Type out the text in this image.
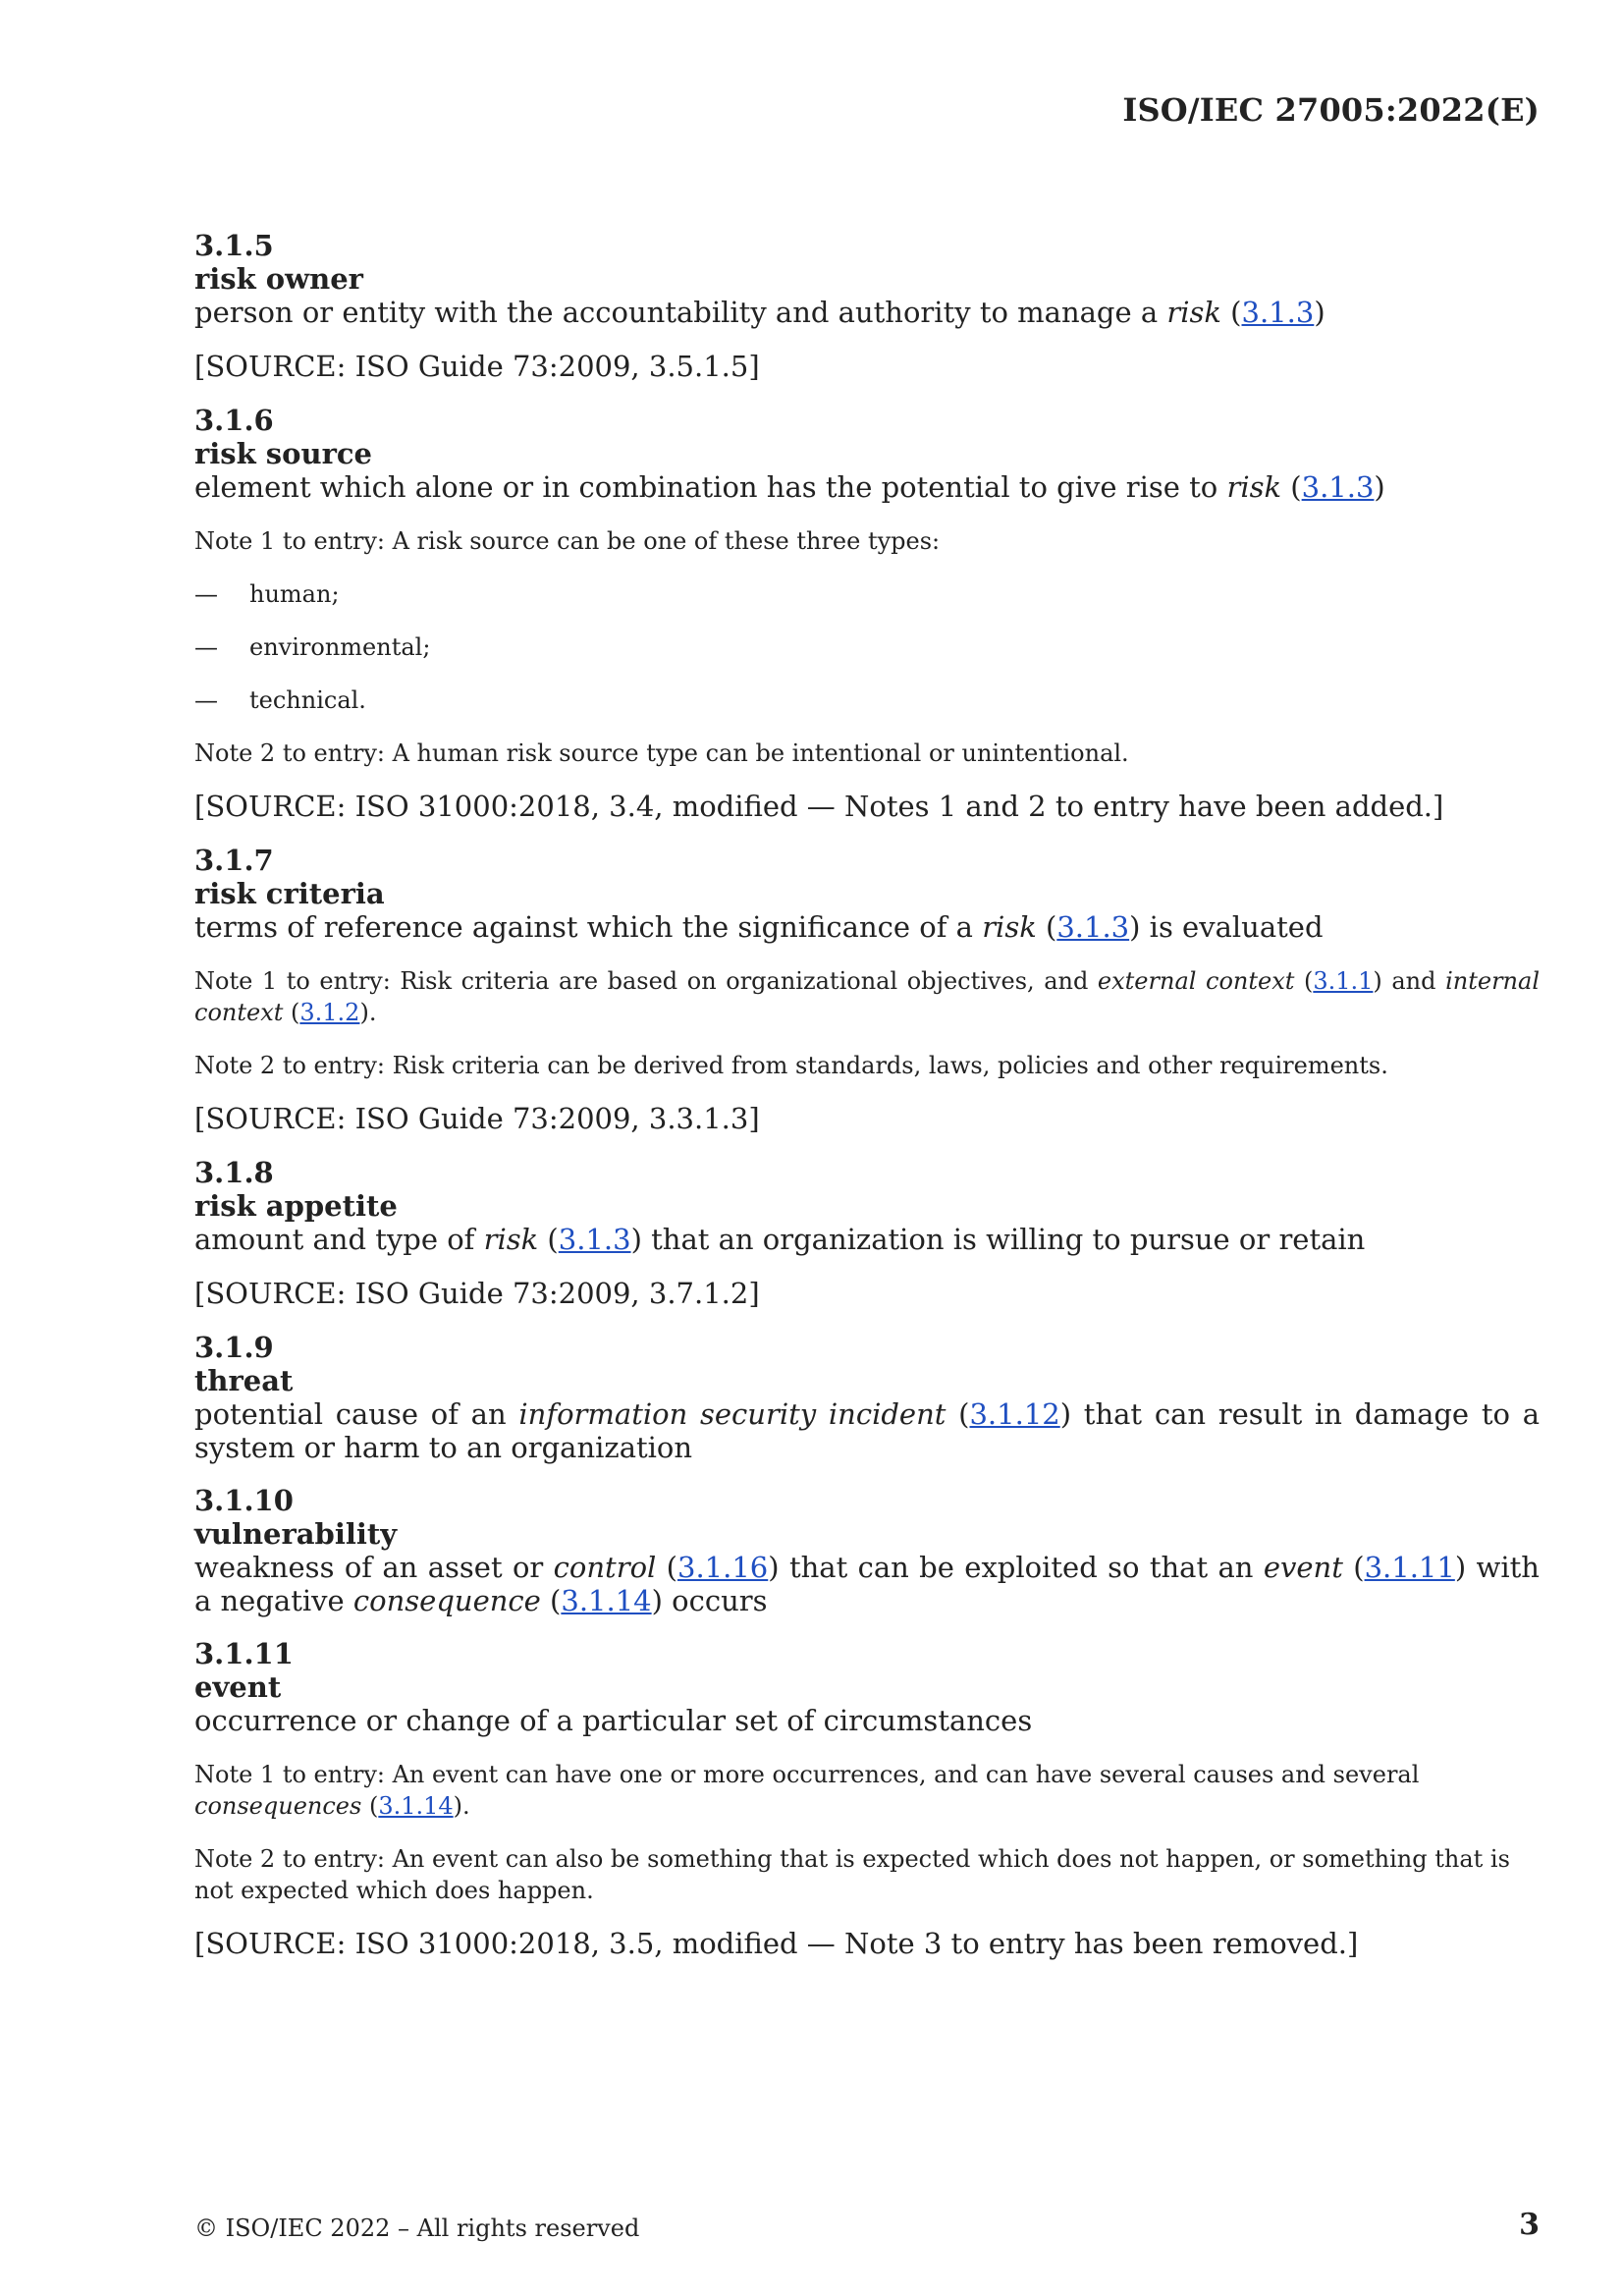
ISO/IEC 27005:2022(E)
3.1.5
risk owner
person or entity with the accountability and authority to manage a risk (3.1.3)
[SOURCE: ISO Guide 73:2009, 3.5.1.5]
3.1.6
risk source
element which alone or in combination has the potential to give rise to risk (3.1.3)
Note 1 to entry: A risk source can be one of these three types:
—	human;
—	environmental;
—	technical.
Note 2 to entry: A human risk source type can be intentional or unintentional.
[SOURCE: ISO 31000:2018, 3.4, modified — Notes 1 and 2 to entry have been added.]
3.1.7
risk criteria
terms of reference against which the significance of a risk (3.1.3) is evaluated
Note 1 to entry: Risk criteria are based on organizational objectives, and external context (3.1.1) and internal context (3.1.2).
Note 2 to entry: Risk criteria can be derived from standards, laws, policies and other requirements.
[SOURCE: ISO Guide 73:2009, 3.3.1.3]
3.1.8
risk appetite
amount and type of risk (3.1.3) that an organization is willing to pursue or retain
[SOURCE: ISO Guide 73:2009, 3.7.1.2]
3.1.9
threat
potential cause of an information security incident (3.1.12) that can result in damage to a system or harm to an organization
3.1.10
vulnerability
weakness of an asset or control (3.1.16) that can be exploited so that an event (3.1.11) with a negative consequence (3.1.14) occurs
3.1.11
event
occurrence or change of a particular set of circumstances
Note 1 to entry: An event can have one or more occurrences, and can have several causes and several consequences (3.1.14).
Note 2 to entry: An event can also be something that is expected which does not happen, or something that is not expected which does happen.
[SOURCE: ISO 31000:2018, 3.5, modified — Note 3 to entry has been removed.]
© ISO/IEC 2022 – All rights reserved	3
